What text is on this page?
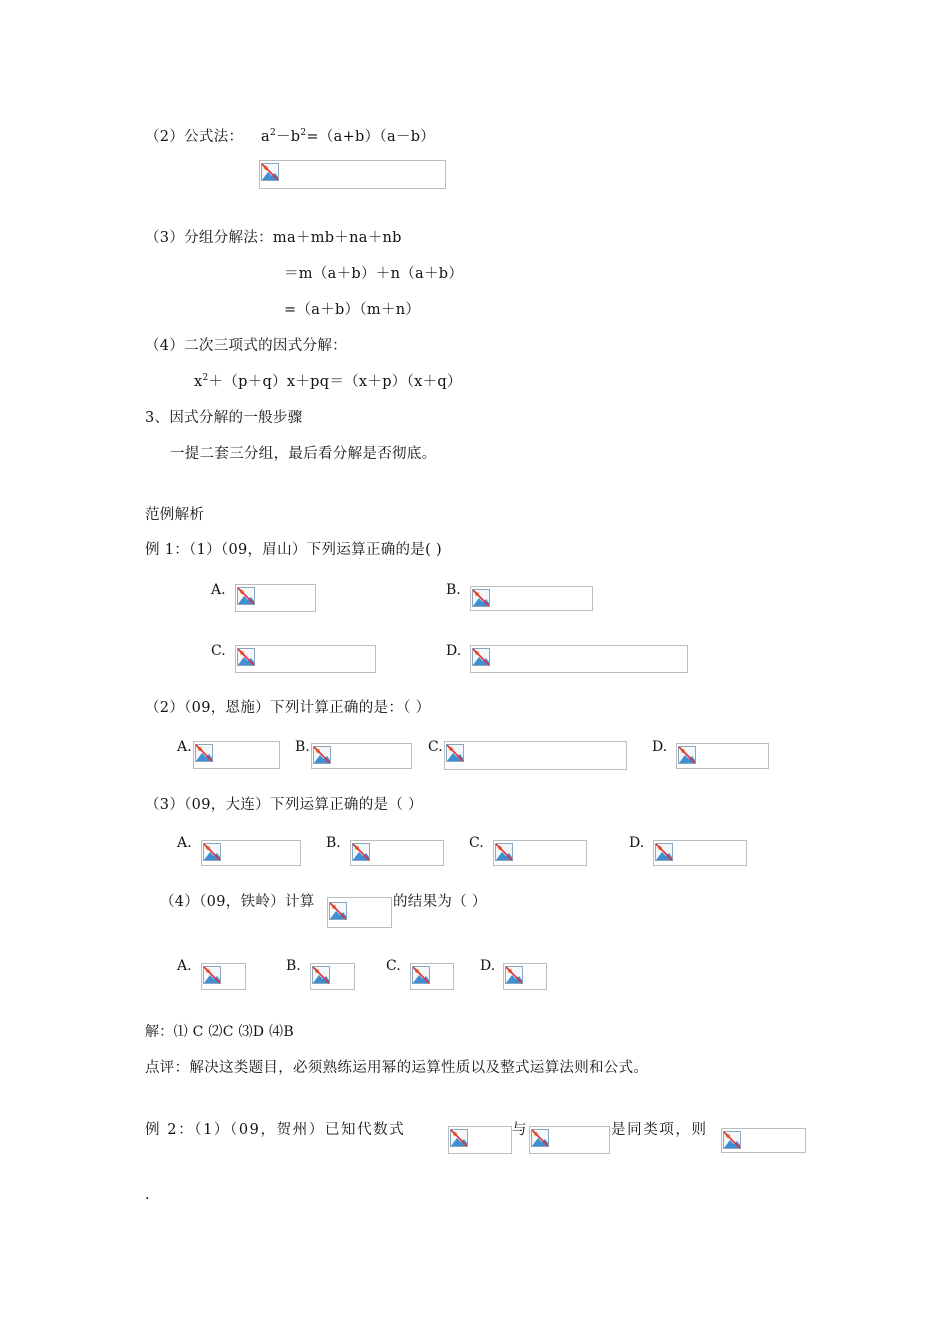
（2）公式法： $a^2-b^2=(a+b)(a-b)$
（3）分组分解法：ma＋mb＋na＋nb
＝m（a＋b）＋n（a＋b）
=（a＋b）（m＋n）
（4）二次三项式的因式分解：
$x^2+(p+q)x+pq=(x+p)(x+q)$
3、因式分解的一般步骤
一提二套三分组，最后看分解是否彻底。
范例解析
例 1：（1）（09，眉山）下列运算正确的是( )
A.	B.
C.	D.
（2）（09，恩施）下列计算正确的是：（ ）
A.	B.	C.	D.
（3）（09，大连）下列运算正确的是（ ）
A.	B.	C.	D.
（4）（09，铁岭）计算	的结果为（ ）
A.	B.	C.	D.
解：⑴ C ⑵C ⑶D ⑷B
点评：解决这类题目，必须熟练运用幂的运算性质以及整式运算法则和公式。
例 2：（1）（09，贺州）已知代数式	与	是同类项，则
.
